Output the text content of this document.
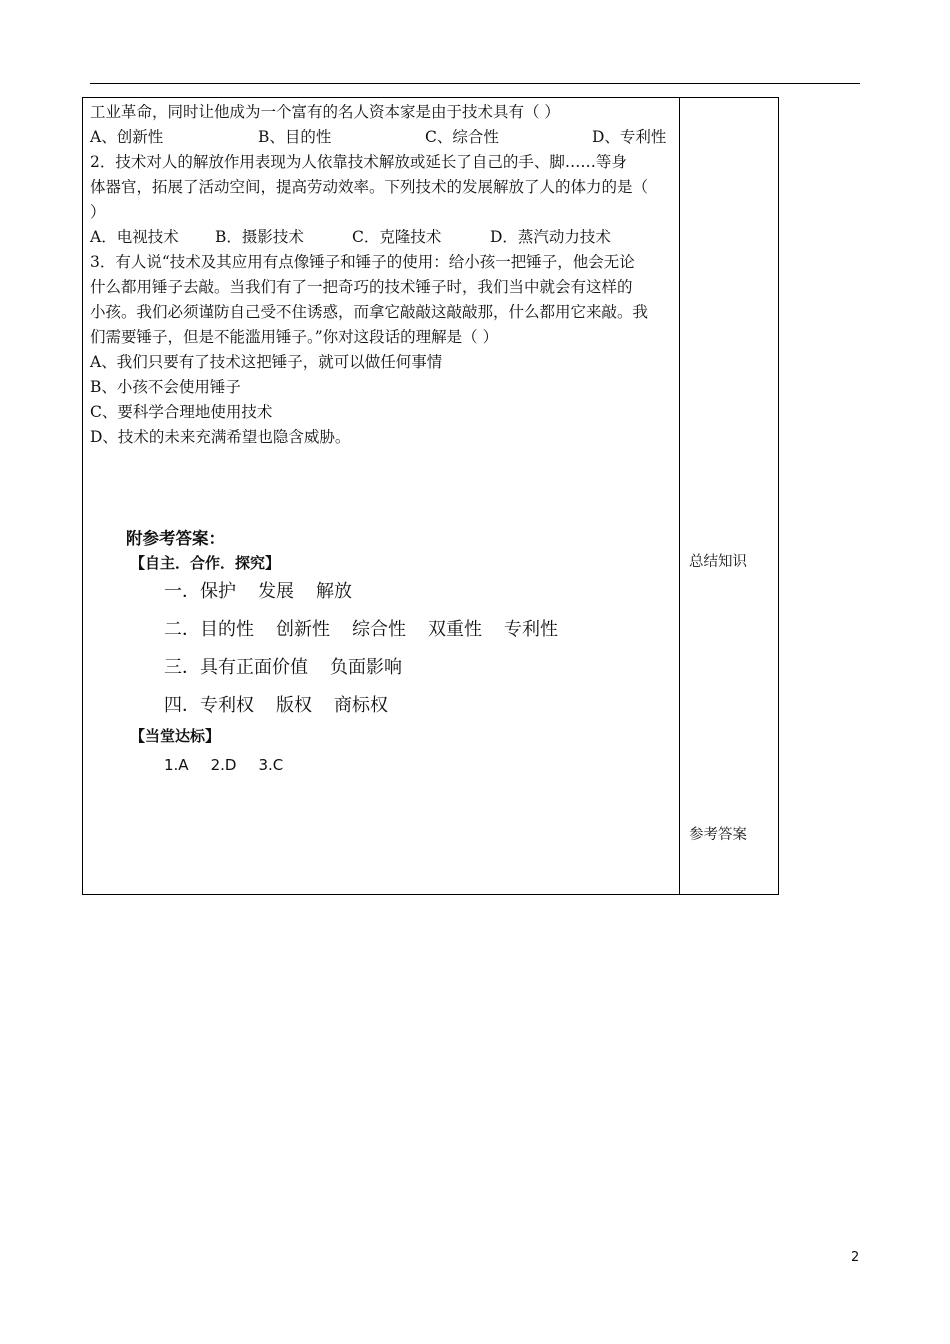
工业革命，同时让他成为一个富有的名人资本家是由于技术具有（ ）
A、创新性	B、目的性	C、综合性	D、专利性
2．技术对人的解放作用表现为人依靠技术解放或延长了自己的手、脚……等身
体器官，拓展了活动空间，提高劳动效率。下列技术的发展解放了人的体力的是（
）
A．电视技术	B．摄影技术	C．克隆技术	D．蒸汽动力技术
3．有人说“技术及其应用有点像锤子和锤子的使用：给小孩一把锤子，他会无论
什么都用锤子去敲。当我们有了一把奇巧的技术锤子时，我们当中就会有这样的
小孩。我们必须谨防自己受不住诱惑，而拿它敲敲这敲敲那，什么都用它来敲。我
们需要锤子，但是不能滥用锤子。”你对这段话的理解是（ ）
A、我们只要有了技术这把锤子，就可以做任何事情
B、小孩不会使用锤子
C、要科学合理地使用技术
D、技术的未来充满希望也隐含威胁。
附参考答案：
【自主．合作．探究】
一．保护 发展 解放
二．目的性 创新性 综合性 双重性 专利性
三．具有正面价值 负面影响
四．专利权 版权 商标权
【当堂达标】
1.A 2.D 3.C
总结知识
参考答案
2
